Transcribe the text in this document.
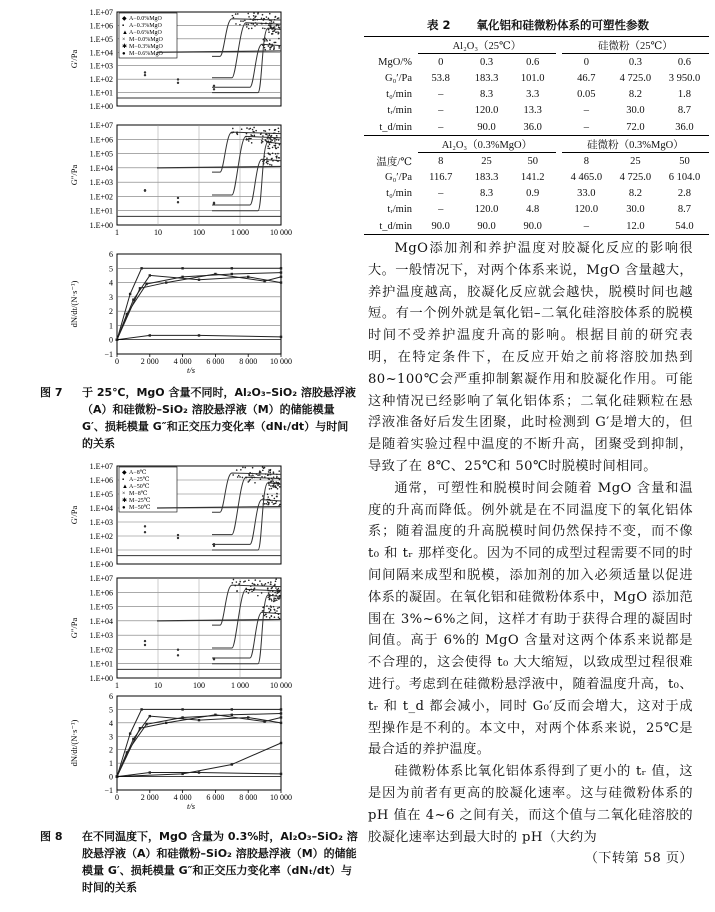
1.E+07
1.E+06
1.E+05
1.E+04
1.E+03
1.E+02
1.E+01
1.E+00
G'/Pa
◆ A−0.0%MgO
▪ A−0.3%MgO
▲ A−0.6%MgO
× M−0.0%MgO
✱ M−0.3%MgO
● M−0.6%MgO
1.E+07
1.E+06
1.E+05
1.E+04
1.E+03
1.E+02
1.E+01
1.E+00
G"/Pa
1	10	100	1 000	10 000
6
5
4
3
2
1
0
−1
dN/dt/(N·s⁻¹)
0	2 000 4 000 6 000 8 000 10 000
t/s
图 7 于 25℃，MgO 含量不同时，Al₂O₃–SiO₂ 溶胶悬浮液（A）和硅微粉–SiO₂ 溶胶悬浮液（M）的储能模量 G′、损耗模量 G″和正交压力变化率（dNₜ/dt）与时间的关系
1.E+07
1.E+06
1.E+05
1.E+04
1.E+03
1.E+02
1.E+01
1.E+00
G'/Pa
◆ A−8℃
▪ A−25℃
▲ A−50℃
× M−8℃
✱ M−25℃
● M−50℃
1.E+07
1.E+06
1.E+05
1.E+04
1.E+03
1.E+02
1.E+01
1.E+00
G"/Pa
1	10	100	1 000	10 000
6
5
4
3
2
1
0
−1
dN/dt/(N·s⁻¹)
0	2 000 4 000 6 000 8 000 10 000
t/s
图 8 在不同温度下，MgO 含量为 0.3%时，Al₂O₃–SiO₂ 溶胶悬浮液（A）和硅微粉–SiO₂ 溶胶悬浮液（M）的储能模量 G′、损耗模量 G″和正交压力变化率（dNₜ/dt）与时间的关系
表 2 氧化铝和硅微粉体系的可塑性参数
	Al₂O₃（25℃）				硅微粉（25℃）		
MgO/%	0	0.3	0.6		0	0.3	0.6
G₀′/Pa	53.8	183.3	101.0		46.7	4 725.0	3 950.0
t₀/min	–	8.3	3.3		0.05	8.2	1.8
tᵣ/min	–	120.0	13.3		–	30.0	8.7
t_d/min	–	90.0	36.0		–	72.0	36.0
	Al₂O₃（0.3%MgO）				硅微粉（0.3%MgO）		
温度/℃	8	25	50		8	25	50
G₀′/Pa	116.7	183.3	141.2		4 465.0	4 725.0	6 104.0
t₀/min	–	8.3	0.9		33.0	8.2	2.8
tᵣ/min	–	120.0	4.8		120.0	30.0	8.7
t_d/min	90.0	90.0	90.0		–	12.0	54.0

MgO添加剂和养护温度对胶凝化反应的影响很大。一般情况下，对两个体系来说，MgO 含量越大，养护温度越高，胶凝化反应就会越快，脱模时间也越短。有一个例外就是氧化铝–二氧化硅溶胶体系的脱模时间不受养护温度升高的影响。根据目前的研究表明，在特定条件下，在反应开始之前将溶胶加热到 80~100℃会严重抑制絮凝作用和胶凝化作用。可能这种情况已经影响了氧化铝体系；二氧化硅颗粒在悬浮液准备好后发生团聚，此时检测到 G′是增大的，但是随着实验过程中温度的不断升高，团聚受到抑制，导致了在 8℃、25℃和 50℃时脱模时间相同。

通常，可塑性和脱模时间会随着 MgO 含量和温度的升高而降低。例外就是在不同温度下的氧化铝体系；随着温度的升高脱模时间仍然保持不变，而不像 t₀ 和 tᵣ 那样变化。因为不同的成型过程需要不同的时间间隔来成型和脱模，添加剂的加入必须适量以促进体系的凝固。在氧化铝和硅微粉体系中，MgO 添加范围在 3%~6%之间，这样才有助于获得合理的凝固时间值。高于 6%的 MgO 含量对这两个体系来说都是不合理的，这会使得 t₀ 大大缩短，以致成型过程很难进行。考虑到在硅微粉悬浮液中，随着温度升高，t₀、tᵣ 和 t_d 都会减小，同时 G₀′反而会增大，这对于成型操作是不利的。本文中，对两个体系来说，25℃是最合适的养护温度。

硅微粉体系比氧化铝体系得到了更小的 tᵣ 值，这是因为前者有更高的胶凝化速率。这与硅微粉体系的 pH 值在 4~6 之间有关，而这个值与二氧化硅溶胶的胶凝化速率达到最大时的 pH（大约为

（下转第 58 页）
